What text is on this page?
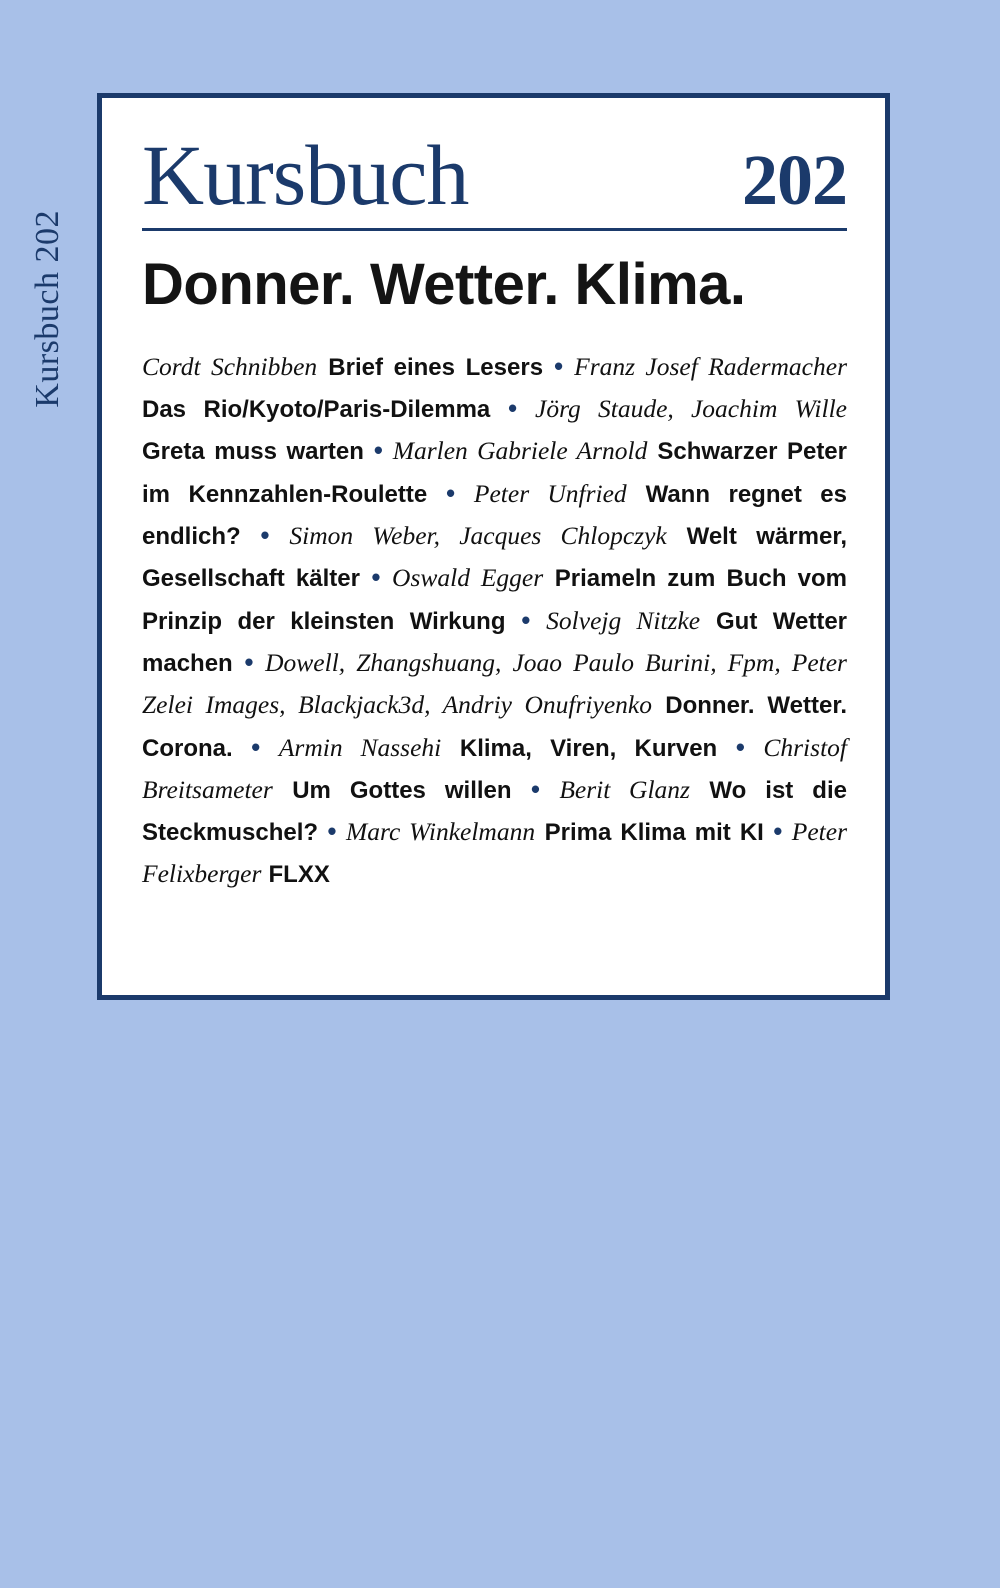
Kursbuch 202
Kursbuch	202
Donner. Wetter. Klima.
Cordt Schnibben Brief eines Lesers • Franz Josef Radermacher Das Rio/Kyoto/Paris-Dilemma • Jörg Staude, Joachim Wille Greta muss warten • Marlen Gabriele Arnold Schwarzer Peter im Kennzahlen-Roulette • Peter Unfried Wann regnet es endlich? • Simon Weber, Jacques Chlopczyk Welt wärmer, Gesellschaft kälter • Oswald Egger Priameln zum Buch vom Prinzip der kleinsten Wirkung • Solvejg Nitzke Gut Wetter machen • Dowell, Zhangshuang, Joao Paulo Burini, Fpm, Peter Zelei Images, Blackjack3d, Andriy Onufriyenko Donner. Wetter. Corona. • Armin Nassehi Klima, Viren, Kurven • Christof Breitsameter Um Gottes willen • Berit Glanz Wo ist die Steckmuschel? • Marc Winkelmann Prima Klima mit KI • Peter Felixberger FLXX
